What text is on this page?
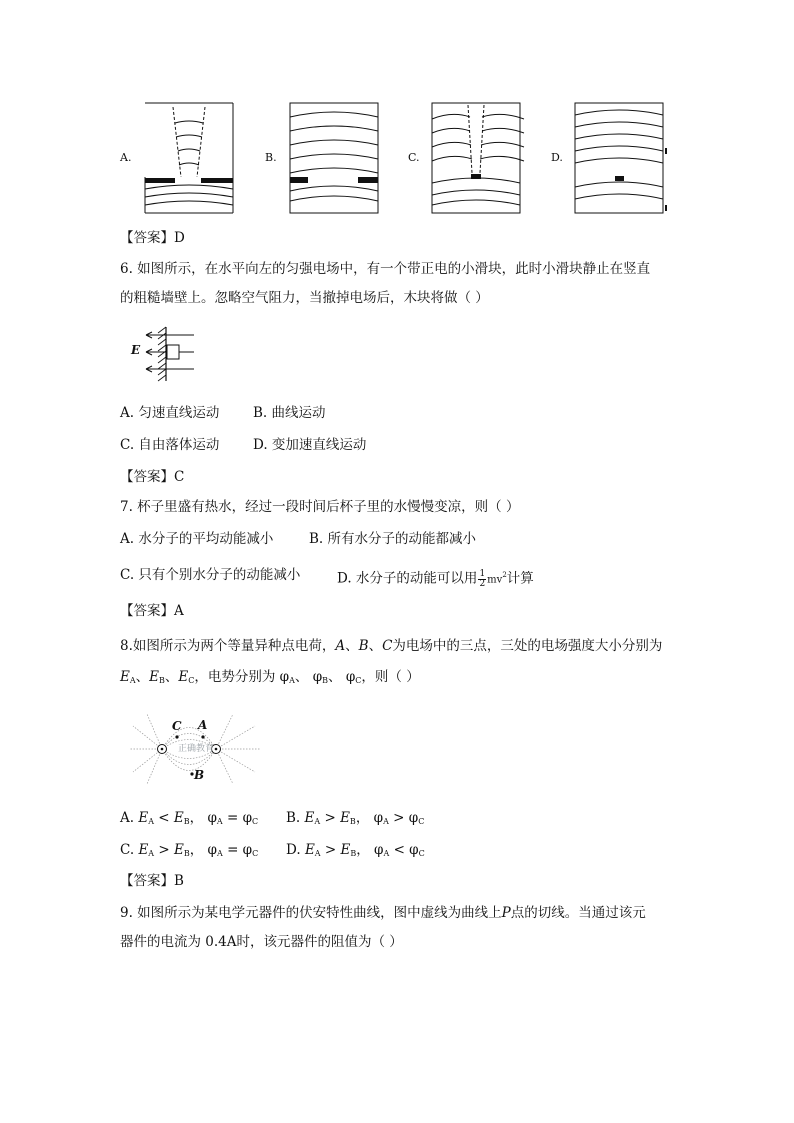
A.	B.	C.	D.
【答案】D
6. 如图所示，在水平向左的匀强电场中，有一个带正电的小滑块，此时小滑块静止在竖直
的粗糙墙壁上。忽略空气阻力，当撤掉电场后，木块将做（ ）
E
A. 匀速直线运动 B. 曲线运动
C. 自由落体运动 D. 变加速直线运动
【答案】C
7. 杯子里盛有热水，经过一段时间后杯子里的水慢慢变凉，则（ ）
A. 水分子的平均动能减小	B. 所有水分子的动能都减小
C. 只有个别水分子的动能减小	D. 水分子的动能可以用 $\frac{1}{2} mv^2$计算
【答案】A
8.如图所示为两个等量异种点电荷，A、B、C为电场中的三点，三处的电场强度大小分别为
$E_A$、$E_B$、$E_C$，电势分别为 $\varphi_A$、 $\varphi_B$、 $\varphi_C$，则（ ）
C A
B
正确教育
A. $E_A < E_B$， $\varphi_A = \varphi_C$ B. $E_A > E_B$， $\varphi_A > \varphi_C$
C. $E_A > E_B$， $\varphi_A = \varphi_C$ D. $E_A > E_B$， $\varphi_A < \varphi_C$
【答案】B
9. 如图所示为某电学元器件的伏安特性曲线，图中虚线为曲线上P点的切线。当通过该元
器件的电流为 0.4A时，该元器件的阻值为（ ）
